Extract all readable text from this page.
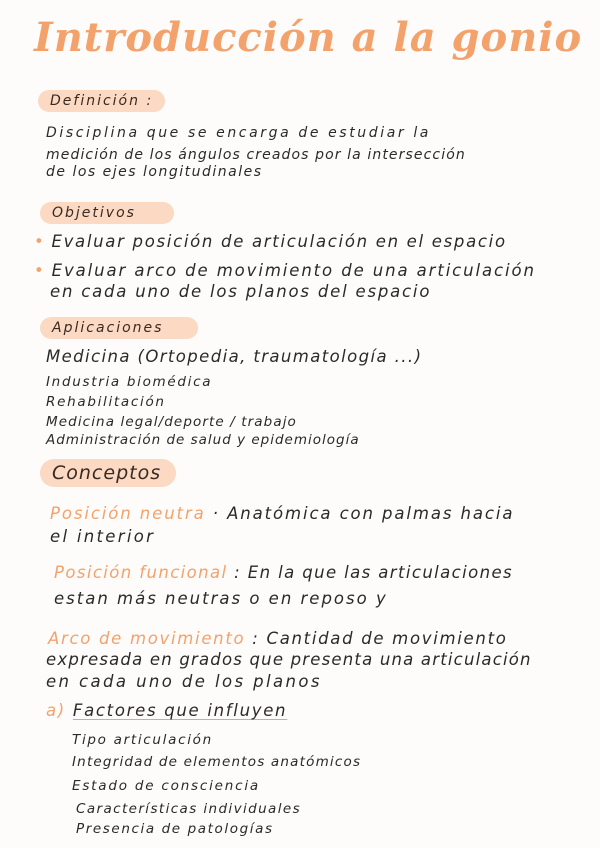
Introducción a la gonio
Definición :
Disciplina que se encarga de estudiar la
medición de los ángulos creados por la intersección
de los ejes longitudinales
Objetivos
• Evaluar posición de articulación en el espacio
• Evaluar arco de movimiento de una articulación
en cada uno de los planos del espacio
Aplicaciones
Medicina (Ortopedia, traumatología ...)
Industria biomédica
Rehabilitación
Medicina legal/deporte / trabajo
Administración de salud y epidemiología
Conceptos
Posición neutra · Anatómica con palmas hacia
el interior
Posición funcional : En la que las articulaciones
estan más neutras o en reposo y
Arco de movimiento : Cantidad de movimiento
expresada en grados que presenta una articulación
en cada uno de los planos
a) Factores que influyen
Tipo articulación
Integridad de elementos anatómicos
Estado de consciencia
Características individuales
Presencia de patologías
